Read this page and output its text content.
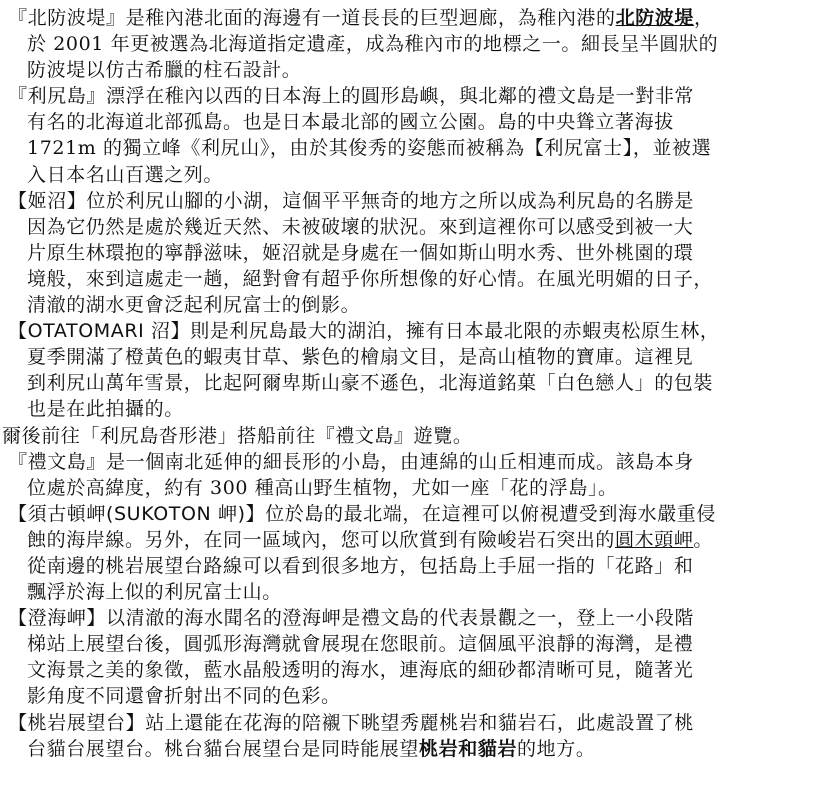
『北防波堤』是稚內港北面的海邊有一道長長的巨型迴廊，為稚內港的北防波堤，
於 2001 年更被選為北海道指定遺產，成為稚內市的地標之一。細長呈半圓狀的
防波堤以仿古希臘的柱石設計。
『利尻島』漂浮在稚內以西的日本海上的圓形島嶼，與北鄰的禮文島是一對非常
有名的北海道北部孤島。也是日本最北部的國立公園。島的中央聳立著海拔
1721m 的獨立峰《利尻山》，由於其俊秀的姿態而被稱為【利尻富士】，並被選
入日本名山百選之列。
【姬沼】位於利尻山腳的小湖，這個平平無奇的地方之所以成為利尻島的名勝是
因為它仍然是處於幾近天然、未被破壞的狀況。來到這裡你可以感受到被一大
片原生林環抱的寧靜滋味，姬沼就是身處在一個如斯山明水秀、世外桃園的環
境般，來到這處走一趟，絕對會有超乎你所想像的好心情。在風光明媚的日子，
清澈的湖水更會泛起利尻富士的倒影。
【OTATOMARI 沼】則是利尻島最大的湖泊，擁有日本最北限的赤蝦夷松原生林，
夏季開滿了橙黃色的蝦夷甘草、紫色的檜扇文目，是高山植物的寶庫。這裡見
到利尻山萬年雪景，比起阿爾卑斯山豪不遜色，北海道銘菓「白色戀人」的包裝
也是在此拍攝的。
爾後前往「利尻島沓形港」搭船前往『禮文島』遊覽。
『禮文島』是一個南北延伸的細長形的小島，由連綿的山丘相連而成。該島本身
位處於高緯度，約有 300 種高山野生植物，尤如一座「花的浮島」。
【須古頓岬(SUKOTON 岬)】位於島的最北端，在這裡可以俯視遭受到海水嚴重侵
蝕的海岸線。另外，在同一區域內，您可以欣賞到有險峻岩石突出的圓木頭岬。
從南邊的桃岩展望台路線可以看到很多地方，包括島上手屈一指的「花路」和
飄浮於海上似的利尻富士山。
【澄海岬】以清澈的海水聞名的澄海岬是禮文島的代表景觀之一，登上一小段階
梯站上展望台後，圓弧形海灣就會展現在您眼前。這個風平浪靜的海灣，是禮
文海景之美的象徵，藍水晶般透明的海水，連海底的細砂都清晰可見，隨著光
影角度不同還會折射出不同的色彩。
【桃岩展望台】站上還能在花海的陪襯下眺望秀麗桃岩和貓岩石，此處設置了桃
台貓台展望台。桃台貓台展望台是同時能展望桃岩和貓岩的地方。
